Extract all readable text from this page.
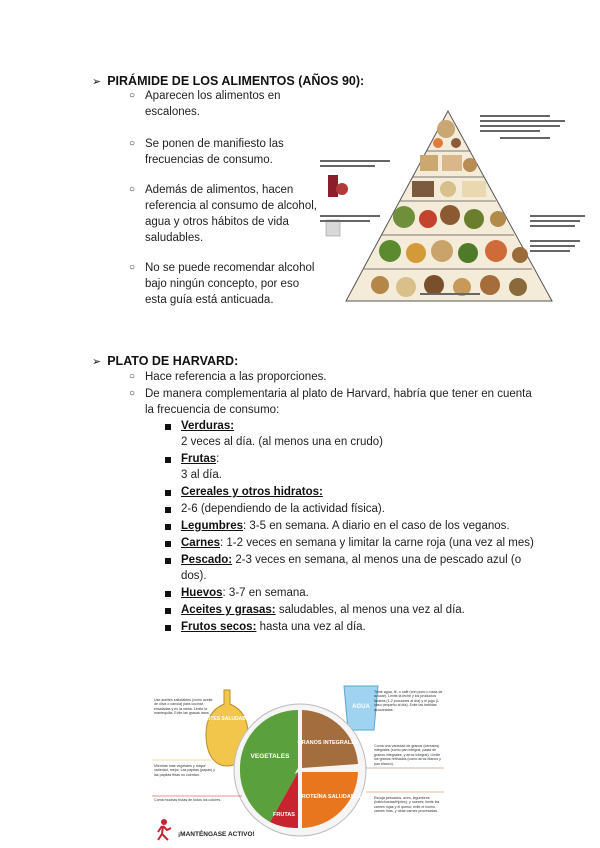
➢ PIRÁMIDE DE LOS ALIMENTOS (AÑOS 90):
○ Aparecen los alimentos en escalones.
○ Se ponen de manifiesto las frecuencias de consumo.
○ Además de alimentos, hacen referencia al consumo de alcohol, agua y otros hábitos de vida saludables.
○ No se puede recomendar alcohol bajo ningún concepto, por eso esta guía está anticuada.
➢ PLATO DE HARVARD:
○ Hace referencia a las proporciones.
○ De manera complementaria al plato de Harvard, habría que tener en cuenta la frecuencia de consumo:
Verduras:
2 veces al día. (al menos una en crudo)
Frutas:
3 al día.
Cereales y otros hidratos:
2-6 (dependiendo de la actividad física).
Legumbres: 3-5 en semana. A diario en el caso de los veganos.
Carnes: 1-2 veces en semana y limitar la carne roja (una vez al mes)
Pescado: 2-3 veces en semana, al menos una de pescado azul (o dos).
Huevos: 3-7 en semana.
Aceites y grasas: saludables, al menos una vez al día.
Frutos secos: hasta una vez al día.
ACEITES SALUDABLES
AGUA
VEGETALES
GRANOS INTEGRALES
PROTEÍNA SALUDABLE
FRUTAS
Use aceites saludables (como aceite de oliva o canola) para cocinar, ensaladas y en la mesa. Limite la mantequilla. Evite las grasas trans.
Mientras más vegetales y mayor variedad, mejor. Las papitas (papas) y las papitas fritas no cuentan.
Coma muchas frutas de todos los colores.
Tome agua, té, o café (con poco o nada de azúcar). Limite la leche y los productos lácteos (1-2 porciones al día) y el jugo (1 vaso pequeño al día). Evite las bebidas azucaradas.
Coma una variedad de granos (cereales) integrales (como pan integral, pasta de granos integrales, y arroz integral). Limite los granos refinados (como arroz blanco y pan blanco).
Escoja pescados, aves, legumbres (habichuelas/frijoles), y nueces; limite las carnes rojas y el queso; evite el tocino, carnes frías, y otras carnes procesadas.
¡MANTÉNGASE ACTIVO!
